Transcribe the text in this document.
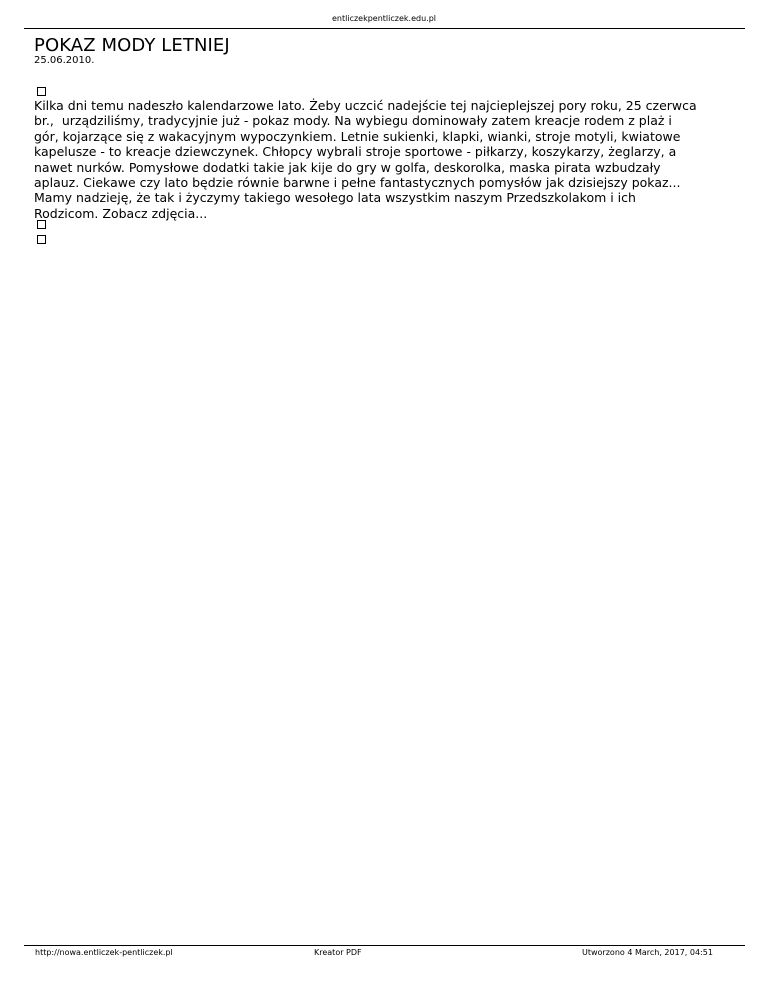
entliczekpentliczek.edu.pl
POKAZ MODY LETNIEJ
25.06.2010.

Kilka dni temu nadeszło kalendarzowe lato. Żeby uczcić nadejście tej najcieplejszej pory roku, 25 czerwca
br.,  urządziliśmy, tradycyjnie już - pokaz mody. Na wybiegu dominowały zatem kreacje rodem z plaż i
gór, kojarzące się z wakacyjnym wypoczynkiem. Letnie sukienki, klapki, wianki, stroje motyli, kwiatowe
kapelusze - to kreacje dziewczynek. Chłopcy wybrali stroje sportowe - piłkarzy, koszykarzy, żeglarzy, a
nawet nurków. Pomysłowe dodatki takie jak kije do gry w golfa, deskorolka, maska pirata wzbudzały
aplauz. Ciekawe czy lato będzie równie barwne i pełne fantastycznych pomysłów jak dzisiejszy pokaz...
Mamy nadzieję, że tak i życzymy takiego wesołego lata wszystkim naszym Przedszkolakom i ich
Rodzicom. Zobacz zdjęcia...

http://nowa.entliczek-pentliczek.pl	Kreator PDF	Utworzono 4 March, 2017, 04:51
